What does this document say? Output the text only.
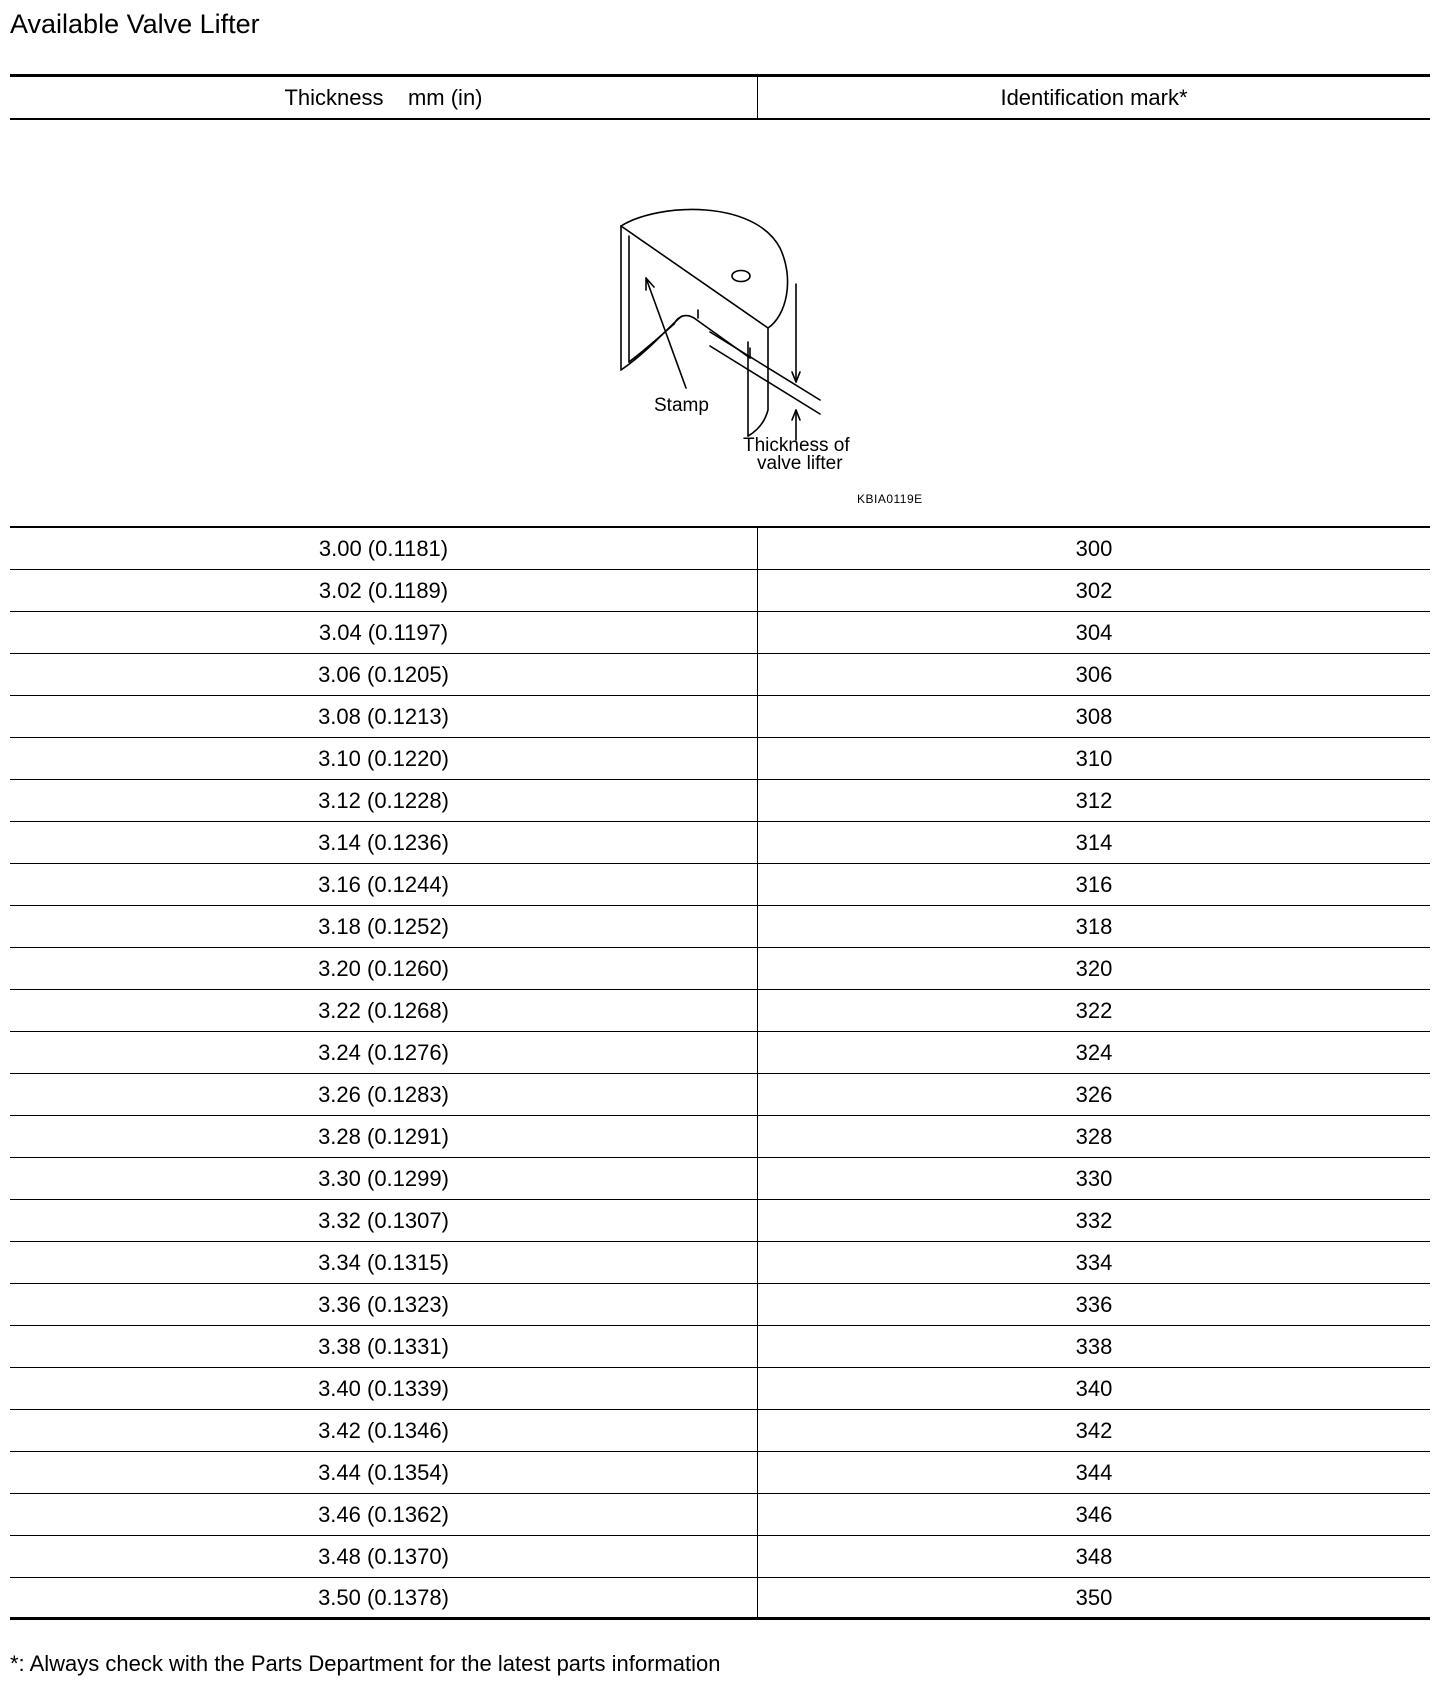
Available Valve Lifter
Thickness    mm (in)	Identification mark*
Stamp
Thickness of
valve lifter
KBIA0119E
3.00 (0.1181)	300
3.02 (0.1189)	302
3.04 (0.1197)	304
3.06 (0.1205)	306
3.08 (0.1213)	308
3.10 (0.1220)	310
3.12 (0.1228)	312
3.14 (0.1236)	314
3.16 (0.1244)	316
3.18 (0.1252)	318
3.20 (0.1260)	320
3.22 (0.1268)	322
3.24 (0.1276)	324
3.26 (0.1283)	326
3.28 (0.1291)	328
3.30 (0.1299)	330
3.32 (0.1307)	332
3.34 (0.1315)	334
3.36 (0.1323)	336
3.38 (0.1331)	338
3.40 (0.1339)	340
3.42 (0.1346)	342
3.44 (0.1354)	344
3.46 (0.1362)	346
3.48 (0.1370)	348
3.50 (0.1378)	350
*: Always check with the Parts Department for the latest parts information
